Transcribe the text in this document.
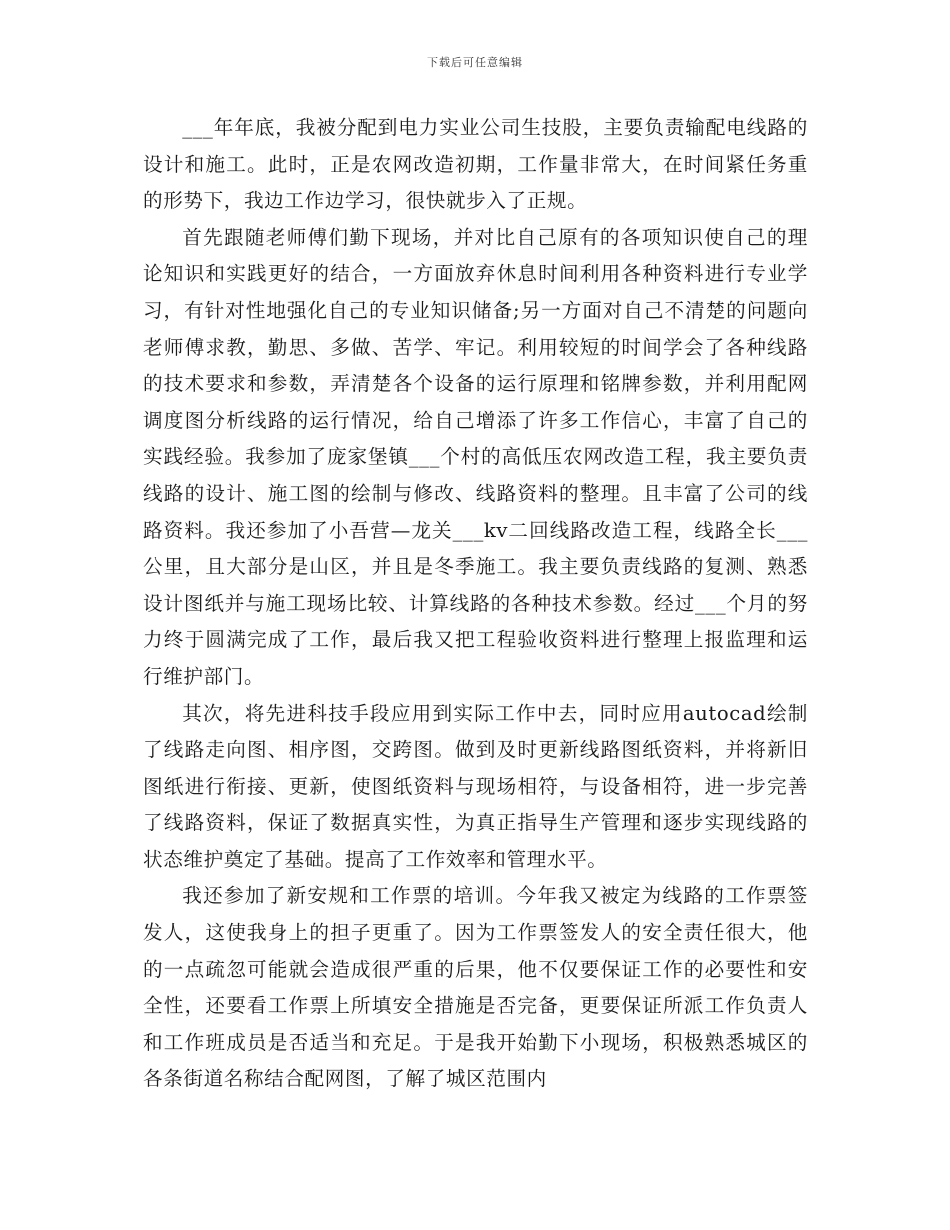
下载后可任意编辑

___年年底，我被分配到电力实业公司生技股，主要负责输配电线路的设计和施工。此时，正是农网改造初期，工作量非常大，在时间紧任务重的形势下，我边工作边学习，很快就步入了正规。

首先跟随老师傅们勤下现场，并对比自己原有的各项知识使自己的理论知识和实践更好的结合，一方面放弃休息时间利用各种资料进行专业学习，有针对性地强化自己的专业知识储备;另一方面对自己不清楚的问题向老师傅求教，勤思、多做、苦学、牢记。利用较短的时间学会了各种线路的技术要求和参数，弄清楚各个设备的运行原理和铭牌参数，并利用配网调度图分析线路的运行情况，给自己增添了许多工作信心，丰富了自己的实践经验。我参加了庞家堡镇___个村的高低压农网改造工程，我主要负责线路的设计、施工图的绘制与修改、线路资料的整理。且丰富了公司的线路资料。我还参加了小吾营—龙关___kv二回线路改造工程，线路全长___公里，且大部分是山区，并且是冬季施工。我主要负责线路的复测、熟悉设计图纸并与施工现场比较、计算线路的各种技术参数。经过___个月的努力终于圆满完成了工作，最后我又把工程验收资料进行整理上报监理和运行维护部门。

其次，将先进科技手段应用到实际工作中去，同时应用autocad绘制了线路走向图、相序图，交跨图。做到及时更新线路图纸资料，并将新旧图纸进行衔接、更新，使图纸资料与现场相符，与设备相符，进一步完善了线路资料，保证了数据真实性，为真正指导生产管理和逐步实现线路的状态维护奠定了基础。提高了工作效率和管理水平。

我还参加了新安规和工作票的培训。今年我又被定为线路的工作票签发人，这使我身上的担子更重了。因为工作票签发人的安全责任很大，他的一点疏忽可能就会造成很严重的后果，他不仅要保证工作的必要性和安全性，还要看工作票上所填安全措施是否完备，更要保证所派工作负责人和工作班成员是否适当和充足。于是我开始勤下小现场，积极熟悉城区的各条街道名称结合配网图，了解了城区范围内
